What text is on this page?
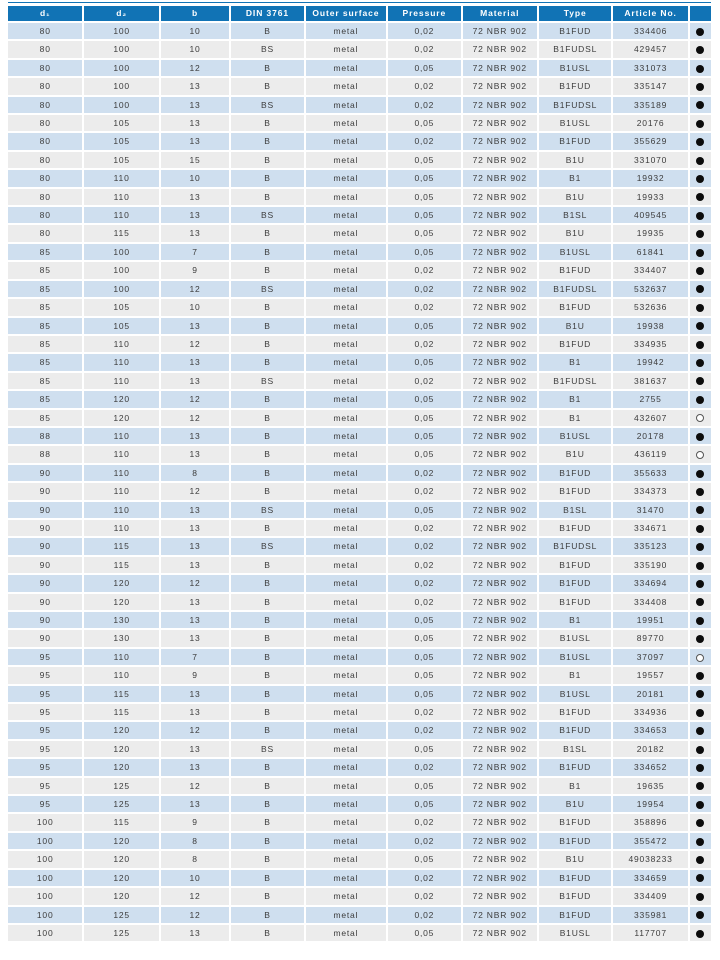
d₁	d₂	b	DIN 3761	Outer surface	Pressure	Material	Type	Article No.	
80	100	10	B	metal	0,02	72 NBR 902	B1FUD	334406	
80	100	10	BS	metal	0,02	72 NBR 902	B1FUDSL	429457	
80	100	12	B	metal	0,05	72 NBR 902	B1USL	331073	
80	100	13	B	metal	0,02	72 NBR 902	B1FUD	335147	
80	100	13	BS	metal	0,02	72 NBR 902	B1FUDSL	335189	
80	105	13	B	metal	0,05	72 NBR 902	B1USL	20176	
80	105	13	B	metal	0,02	72 NBR 902	B1FUD	355629	
80	105	15	B	metal	0,05	72 NBR 902	B1U	331070	
80	110	10	B	metal	0,05	72 NBR 902	B1	19932	
80	110	13	B	metal	0,05	72 NBR 902	B1U	19933	
80	110	13	BS	metal	0,05	72 NBR 902	B1SL	409545	
80	115	13	B	metal	0,05	72 NBR 902	B1U	19935	
85	100	7	B	metal	0,05	72 NBR 902	B1USL	61841	
85	100	9	B	metal	0,02	72 NBR 902	B1FUD	334407	
85	100	12	BS	metal	0,02	72 NBR 902	B1FUDSL	532637	
85	105	10	B	metal	0,02	72 NBR 902	B1FUD	532636	
85	105	13	B	metal	0,05	72 NBR 902	B1U	19938	
85	110	12	B	metal	0,02	72 NBR 902	B1FUD	334935	
85	110	13	B	metal	0,05	72 NBR 902	B1	19942	
85	110	13	BS	metal	0,02	72 NBR 902	B1FUDSL	381637	
85	120	12	B	metal	0,05	72 NBR 902	B1	2755	
85	120	12	B	metal	0,05	72 NBR 902	B1	432607	
88	110	13	B	metal	0,05	72 NBR 902	B1USL	20178	
88	110	13	B	metal	0,05	72 NBR 902	B1U	436119	
90	110	8	B	metal	0,02	72 NBR 902	B1FUD	355633	
90	110	12	B	metal	0,02	72 NBR 902	B1FUD	334373	
90	110	13	BS	metal	0,05	72 NBR 902	B1SL	31470	
90	110	13	B	metal	0,02	72 NBR 902	B1FUD	334671	
90	115	13	BS	metal	0,02	72 NBR 902	B1FUDSL	335123	
90	115	13	B	metal	0,02	72 NBR 902	B1FUD	335190	
90	120	12	B	metal	0,02	72 NBR 902	B1FUD	334694	
90	120	13	B	metal	0,02	72 NBR 902	B1FUD	334408	
90	130	13	B	metal	0,05	72 NBR 902	B1	19951	
90	130	13	B	metal	0,05	72 NBR 902	B1USL	89770	
95	110	7	B	metal	0,05	72 NBR 902	B1USL	37097	
95	110	9	B	metal	0,05	72 NBR 902	B1	19557	
95	115	13	B	metal	0,05	72 NBR 902	B1USL	20181	
95	115	13	B	metal	0,02	72 NBR 902	B1FUD	334936	
95	120	12	B	metal	0,02	72 NBR 902	B1FUD	334653	
95	120	13	BS	metal	0,05	72 NBR 902	B1SL	20182	
95	120	13	B	metal	0,02	72 NBR 902	B1FUD	334652	
95	125	12	B	metal	0,05	72 NBR 902	B1	19635	
95	125	13	B	metal	0,05	72 NBR 902	B1U	19954	
100	115	9	B	metal	0,02	72 NBR 902	B1FUD	358896	
100	120	8	B	metal	0,02	72 NBR 902	B1FUD	355472	
100	120	8	B	metal	0,05	72 NBR 902	B1U	49038233	
100	120	10	B	metal	0,02	72 NBR 902	B1FUD	334659	
100	120	12	B	metal	0,02	72 NBR 902	B1FUD	334409	
100	125	12	B	metal	0,02	72 NBR 902	B1FUD	335981	
100	125	13	B	metal	0,05	72 NBR 902	B1USL	117707	
